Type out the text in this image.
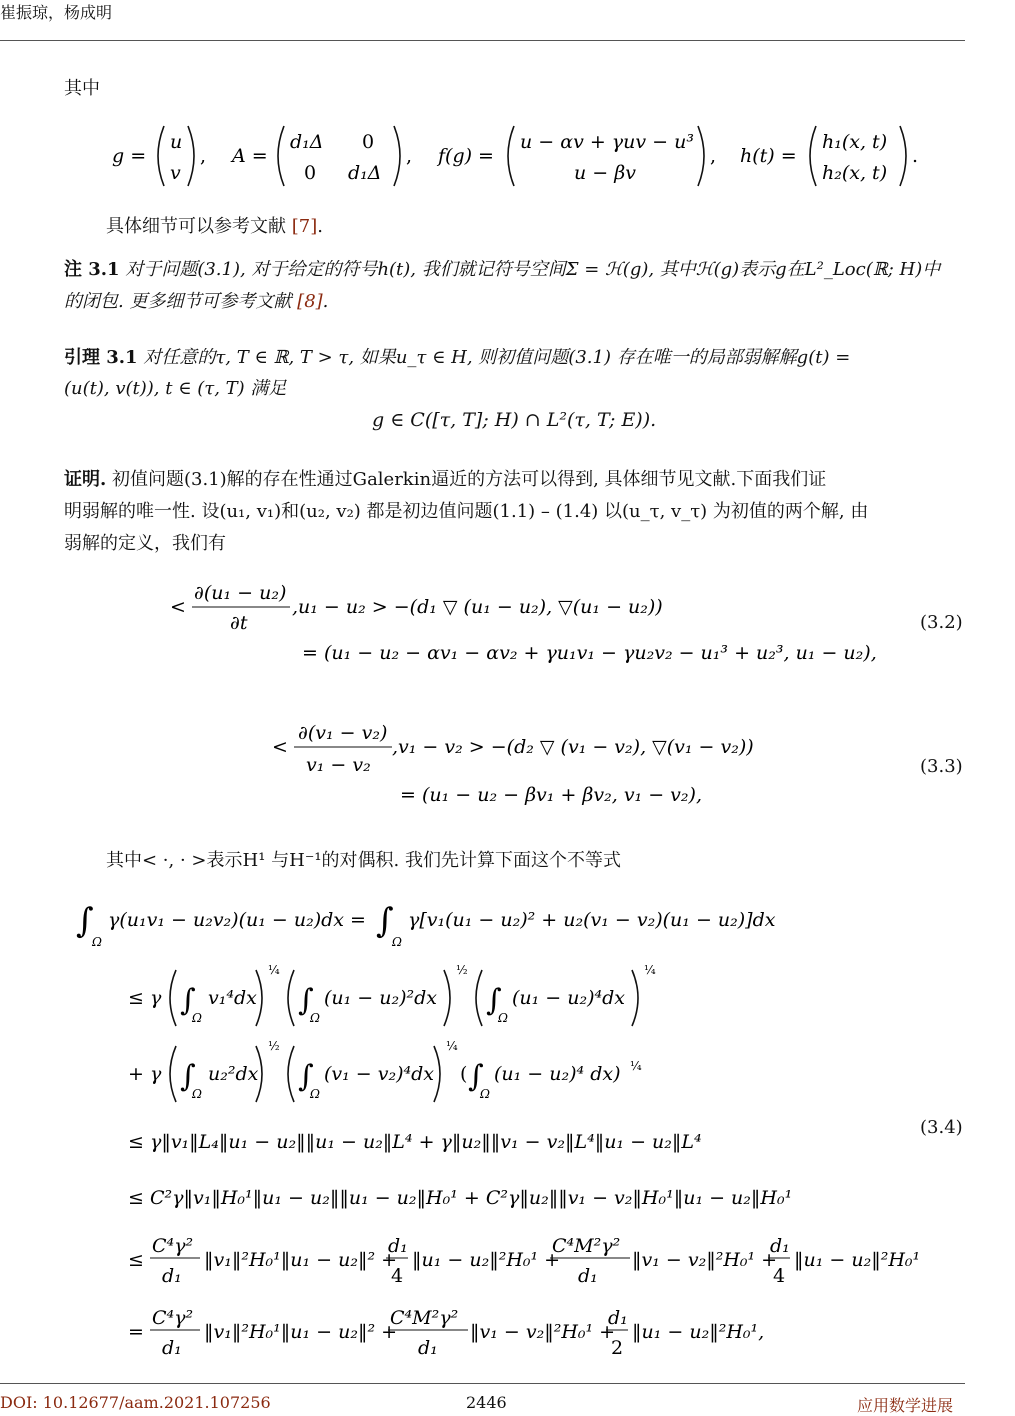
崔振琼，杨成明
其中
g =
u
v
, A =
d₁Δ 0
0 d₁Δ
, f(g) =
u − αv + γuv − u³
u − βv
, h(t) =
h₁(x, t)
h₂(x, t)
.
具体细节可以参考文献 [7].
注 3.1 对于问题(3.1), 对于给定的符号h(t), 我们就记符号空间Σ = ℋ(g), 其中ℋ(g)表示g在L²_Loc(ℝ; H)中
的闭包. 更多细节可参考文献 [8].
引理 3.1 对任意的τ, T ∈ ℝ, T > τ, 如果u_τ ∈ H, 则初值问题(3.1) 存在唯一的局部弱解解g(t) =
(u(t), v(t)), t ∈ (τ, T) 满足
g ∈ C([τ, T]; H) ∩ L²(τ, T; E)).
证明. 初值问题(3.1)解的存在性通过Galerkin逼近的方法可以得到, 具体细节见文献.下面我们证
明弱解的唯一性. 设(u₁, v₁)和(u₂, v₂) 都是初边值问题(1.1) – (1.4) 以(u_τ, v_τ) 为初值的两个解, 由
弱解的定义，我们有
<
∂(u₁ − u₂)
∂t
,u₁ − u₂ > −(d₁ ▽ (u₁ − u₂), ▽(u₁ − u₂))
= (u₁ − u₂ − αv₁ − αv₂ + γu₁v₁ − γu₂v₂ − u₁³ + u₂³, u₁ − u₂),
(3.2)
<
∂(v₁ − v₂)
v₁ − v₂
,v₁ − v₂ > −(d₂ ▽ (v₁ − v₂), ▽(v₁ − v₂))
= (u₁ − u₂ − βv₁ + βv₂, v₁ − v₂),
(3.3)
其中< ·, · >表示H¹ 与H⁻¹的对偶积. 我们先计算下面这个不等式
∫
Ω
γ(u₁v₁ − u₂v₂)(u₁ − u₂)dx = ∫
Ω
γ[v₁(u₁ − u₂)² + u₂(v₁ − v₂)(u₁ − u₂)]dx
≤ γ ∫
Ω
v₁⁴dx
¼
∫
Ω
(u₁ − u₂)²dx
½
∫
Ω
(u₁ − u₂)⁴dx
¼
+ γ ∫
Ω
u₂²dx
½
∫
Ω
(v₁ − v₂)⁴dx
¼
( ∫
Ω
(u₁ − u₂)⁴ dx) ¼
≤ γ‖v₁‖L₄‖u₁ − u₂‖‖u₁ − u₂‖L⁴ + γ‖u₂‖‖v₁ − v₂‖L⁴‖u₁ − u₂‖L⁴
≤ C²γ‖v₁‖H₀¹‖u₁ − u₂‖‖u₁ − u₂‖H₀¹ + C²γ‖u₂‖‖v₁ − v₂‖H₀¹‖u₁ − u₂‖H₀¹
≤
C⁴γ²
d₁
‖v₁‖²H₀¹‖u₁ − u₂‖² +
d₁
4
‖u₁ − u₂‖²H₀¹ +
C⁴M²γ²
d₁
‖v₁ − v₂‖²H₀¹ +
d₁
4
‖u₁ − u₂‖²H₀¹
=
C⁴γ²
d₁
‖v₁‖²H₀¹‖u₁ − u₂‖² +
C⁴M²γ²
d₁
‖v₁ − v₂‖²H₀¹ +
d₁
2
‖u₁ − u₂‖²H₀¹,
(3.4)
DOI: 10.12677/aam.2021.107256	2446	应用数学进展
